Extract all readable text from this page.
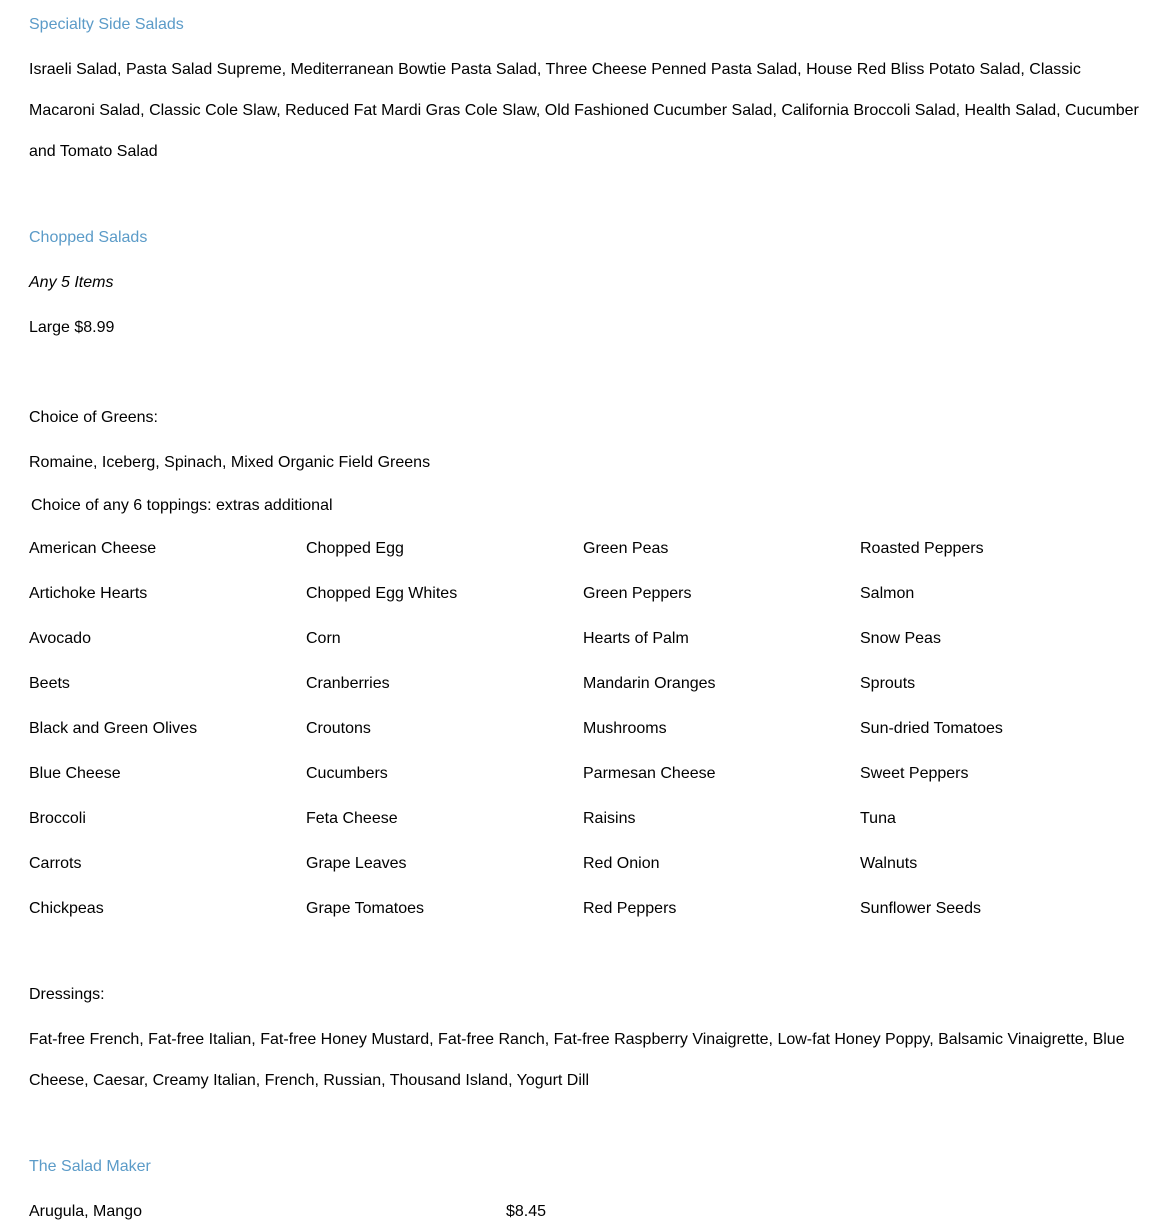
Specialty Side Salads
Israeli Salad, Pasta Salad Supreme, Mediterranean Bowtie Pasta Salad, Three Cheese Penned Pasta Salad, House Red Bliss Potato Salad, Classic Macaroni Salad, Classic Cole Slaw, Reduced Fat Mardi Gras Cole Slaw, Old Fashioned Cucumber Salad, California Broccoli Salad, Health Salad, Cucumber and Tomato Salad
Chopped Salads
Any 5 Items
Large $8.99
Choice of Greens:
Romaine, Iceberg, Spinach, Mixed Organic Field Greens
Choice of any 6 toppings: extras additional
American Cheese	Chopped Egg	Green Peas	Roasted Peppers
Artichoke Hearts	Chopped Egg Whites	Green Peppers	Salmon
Avocado	Corn	Hearts of Palm	Snow Peas
Beets	Cranberries	Mandarin Oranges	Sprouts
Black and Green Olives	Croutons	Mushrooms	Sun-dried Tomatoes
Blue Cheese	Cucumbers	Parmesan Cheese	Sweet Peppers
Broccoli	Feta Cheese	Raisins	Tuna
Carrots	Grape Leaves	Red Onion	Walnuts
Chickpeas	Grape Tomatoes	Red Peppers	Sunflower Seeds
Dressings:
Fat-free French, Fat-free Italian, Fat-free Honey Mustard, Fat-free Ranch, Fat-free Raspberry Vinaigrette, Low-fat Honey Poppy, Balsamic Vinaigrette, Blue Cheese, Caesar, Creamy Italian, French, Russian, Thousand Island, Yogurt Dill
The Salad Maker
Arugula, Mango	$8.45
